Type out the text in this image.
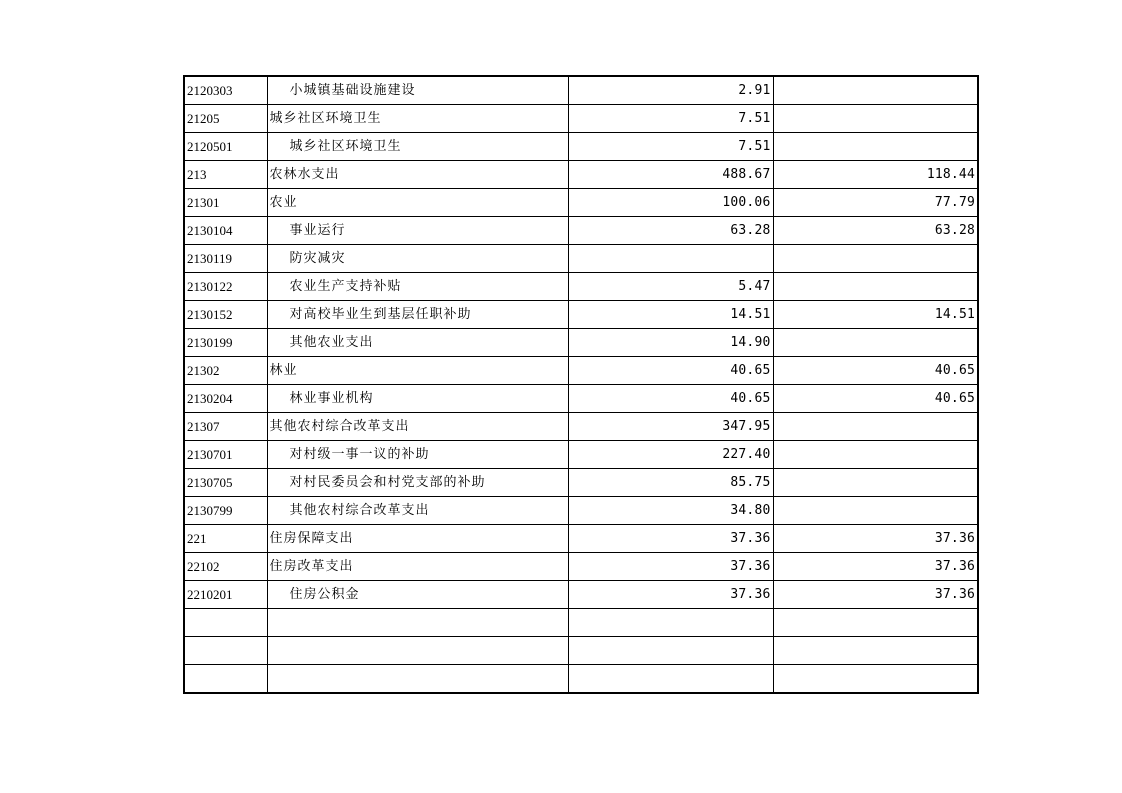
2120303	小城镇基础设施建设	2.91	
21205	城乡社区环境卫生	7.51	
2120501	城乡社区环境卫生	7.51	
213	农林水支出	488.67	118.44
21301	农业	100.06	77.79
2130104	事业运行	63.28	63.28
2130119	防灾减灾		
2130122	农业生产支持补贴	5.47	
2130152	对高校毕业生到基层任职补助	14.51	14.51
2130199	其他农业支出	14.90	
21302	林业	40.65	40.65
2130204	林业事业机构	40.65	40.65
21307	其他农村综合改革支出	347.95	
2130701	对村级一事一议的补助	227.40	
2130705	对村民委员会和村党支部的补助	85.75	
2130799	其他农村综合改革支出	34.80	
221	住房保障支出	37.36	37.36
22102	住房改革支出	37.36	37.36
2210201	住房公积金	37.36	37.36
